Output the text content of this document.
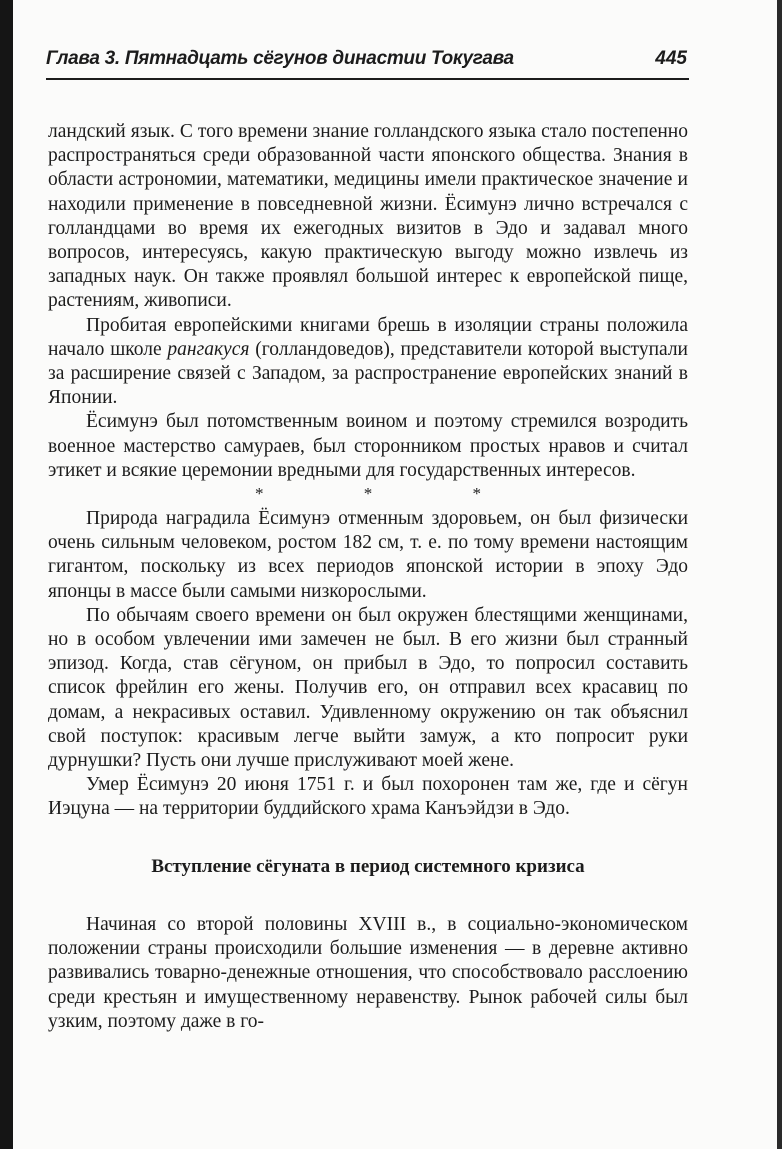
Глава 3. Пятнадцать сёгунов династии Токугава	445

ландский язык. С того времени знание голландского языка стало постепенно распространяться среди образованной части японского общества. Знания в области астрономии, математики, медицины имели практическое значение и находили применение в повседневной жизни. Ёсимунэ лично встречался с голландцами во время их ежегодных визитов в Эдо и задавал много вопросов, интересуясь, какую практическую выгоду можно извлечь из западных наук. Он также проявлял большой интерес к европейской пище, растениям, живописи.

Пробитая европейскими книгами брешь в изоляции страны положила начало школе рангакуся (голландоведов), представители которой выступали за расширение связей с Западом, за распространение европейских знаний в Японии.

Ёсимунэ был потомственным воином и поэтому стремился возродить военное мастерство самураев, был сторонником простых нравов и считал этикет и всякие церемонии вредными для государственных интересов.

* * *

Природа наградила Ёсимунэ отменным здоровьем, он был физически очень сильным человеком, ростом 182 см, т. е. по тому времени настоящим гигантом, поскольку из всех периодов японской истории в эпоху Эдо японцы в массе были самыми низкорослыми.

По обычаям своего времени он был окружен блестящими женщинами, но в особом увлечении ими замечен не был. В его жизни был странный эпизод. Когда, став сёгуном, он прибыл в Эдо, то попросил составить список фрейлин его жены. Получив его, он отправил всех красавиц по домам, а некрасивых оставил. Удивленному окружению он так объяснил свой поступок: красивым легче выйти замуж, а кто попросит руки дурнушки? Пусть они лучше прислуживают моей жене.

Умер Ёсимунэ 20 июня 1751 г. и был похоронен там же, где и сёгун Иэцуна — на территории буддийского храма Канъэйдзи в Эдо.

Вступление сёгуната в период системного кризиса

Начиная со второй половины XVIII в., в социально-экономическом положении страны происходили большие изменения — в деревне активно развивались товарно-денежные отношения, что способствовало расслоению среди крестьян и имущественному неравенству. Рынок рабочей силы был узким, поэтому даже в го-
